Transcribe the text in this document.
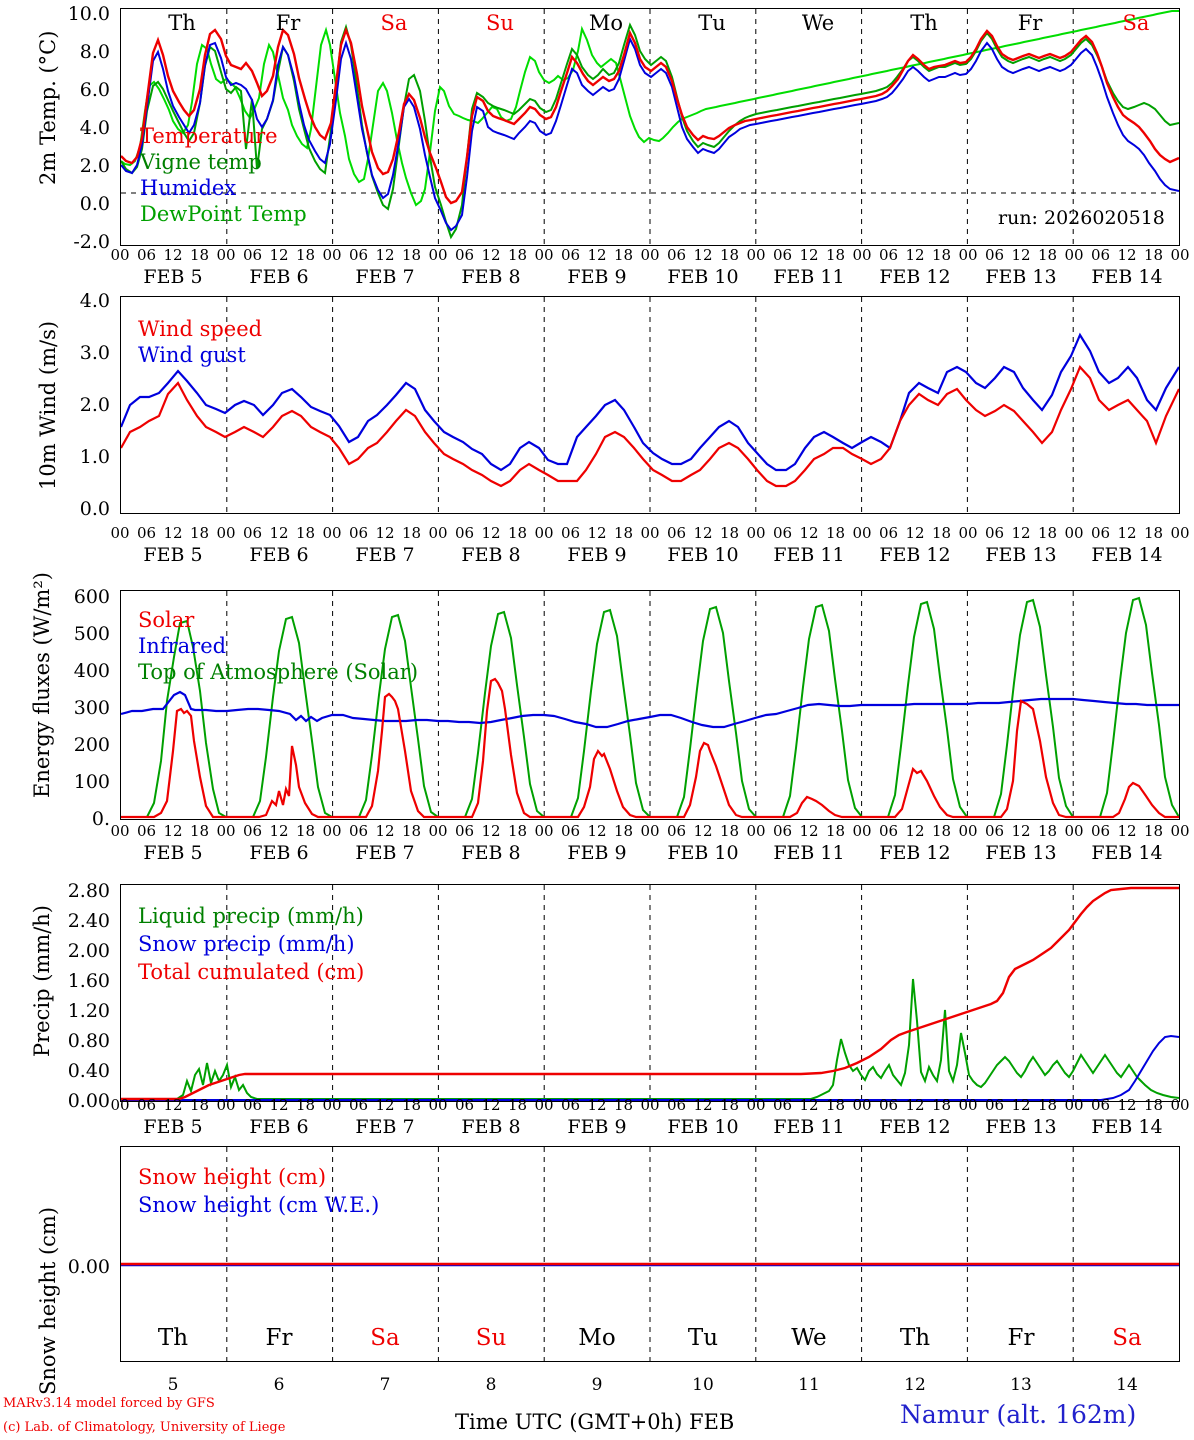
2m Temp. (°C)
10.0
8.0
6.0
4.0
2.0
0.0
-2.0
Th	Fr	Sa	Su	Mo	Tu	We	Th	Fr	Sa
Temperature
Vigne temp
Humidex
DewPoint Temp	run: 2026020518
00 06 12 18 00 06 12 18 00 06 12 18 00 06 12 18 00 06 12 18 00 06 12 18 00 06 12 18 00 06 12 18 00 06 12 18 00 06 12 18 00
FEB 5	FEB 6	FEB 7	FEB 8	FEB 9	FEB 10	FEB 11	FEB 12	FEB 13	FEB 14
10m Wind (m/s)
4.0
3.0
2.0
1.0
0.0
Wind speed
Wind gust
00 06 12 18 00 06 12 18 00 06 12 18 00 06 12 18 00 06 12 18 00 06 12 18 00 06 12 18 00 06 12 18 00 06 12 18 00 06 12 18 00
FEB 5	FEB 6	FEB 7	FEB 8	FEB 9	FEB 10	FEB 11	FEB 12	FEB 13	FEB 14
Energy fluxes (W/m²)	600
500
400
300
200
100
0.
Solar
Infrared
Top of Atmosphere (Solar)
00 06 12 18 00 06 12 18 00 06 12 18 00 06 12 18 00 06 12 18 00 06 12 18 00 06 12 18 00 06 12 18 00 06 12 18 00 06 12 18 00
FEB 5	FEB 6	FEB 7	FEB 8	FEB 9	FEB 10	FEB 11	FEB 12	FEB 13	FEB 14
Precip (mm/h)
2.80
2.40
2.00
1.60
1.20
0.80
0.40
0.00
Liquid precip (mm/h)
Snow precip (mm/h)
Total cumulated (cm)
00 06 12 18 00 06 12 18 00 06 12 18 00 06 12 18 00 06 12 18 00 06 12 18 00 06 12 18 00 06 12 18 00 06 12 18 00 06 12 18 00
FEB 5	FEB 6	FEB 7	FEB 8	FEB 9	FEB 10	FEB 11	FEB 12	FEB 13	FEB 14
Snow height (cm) 0.00
Snow height (cm)
Snow height (cm W.E.)
Th	Fr	Sa	Su	Mo	Tu	We	Th	Fr	Sa
5	6	7	8	9	10	11	12	13	14
Time UTC (GMT+0h) FEB
MARv3.14 model forced by GFS
(c) Lab. of Climatology, University of Liege	Namur (alt. 162m)
